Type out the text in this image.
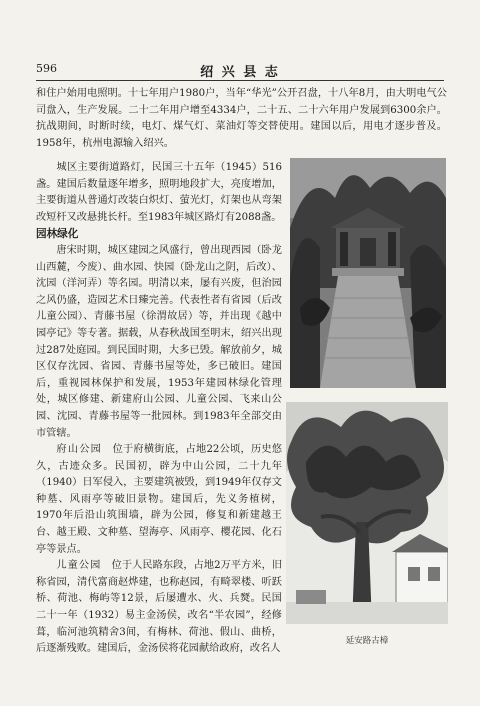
596	绍 兴 县 志

和住户始用电照明。十七年用户1980户，当年“华光”公开召盘，十八年8月，由大明电气公司盘入，生产发展。二十二年用户增至4334户，二十五、二十六年用户发展到6300余户。抗战期间，时断时续，电灯、煤气灯、菜油灯等交替使用。建国以后，用电才逐步普及。1958年，杭州电源输入绍兴。

城区主要街道路灯，民国三十五年（1945）516盏。建国后数量逐年增多，照明地段扩大，亮度增加，主要街道从普通灯改装白炽灯、萤光灯，灯架也从弯架改短杆又改悬挑长杆。至1983年城区路灯有2088盏。

园林绿化

唐宋时期，城区建园之风盛行，曾出现西园（卧龙山西麓，今废）、曲水园、快园（卧龙山之阴，后改）、沈园（洋河弄）等名园。明清以来，屡有兴废，但治园之风仍盛，造园艺术日臻完善。代表性者有省园（后改儿童公园）、青藤书屋（徐渭故居）等，并出现《越中园亭记》等专著。据载，从春秋战国至明末，绍兴出现过287处庭园。到民国时期，大多已毁。解放前夕，城区仅存沈园、省园、青藤书屋等处，多已破旧。建国后，重视园林保护和发展，1953年建园林绿化管理处，城区修建、新建府山公园、儿童公园、飞来山公园、沈园、青藤书屋等一批园林。到1983年全部交由市管辖。

府山公园　 位于府横街底，占地22公顷，历史悠久，古迹众多。民国初，辟为中山公园，二十九年（1940）日军侵入，主要建筑被毁，到1949年仅存文种墓、风雨亭等破旧景物。建国后，先义务植树，1970年后沿山筑围墙，辟为公园，修复和新建越王台、越王殿、文种墓、望海亭、风雨亭、樱花园、化石亭等景点。

儿童公园　 位于人民路东段，占地2万平方米，旧称省园，清代富商赵烨建，也称赵园，有畸翠楼、听跃桥、荷池、梅屿等12景，后屡遭水、火、兵燹。民国二十一年（1932）易主金汤侯，改名“半农园”，经修葺，临河池筑精舍3间，有梅林、荷池、假山、曲桥，后逐渐残败。建国后，金汤侯将花园献给政府，改名人

延安路古樟
